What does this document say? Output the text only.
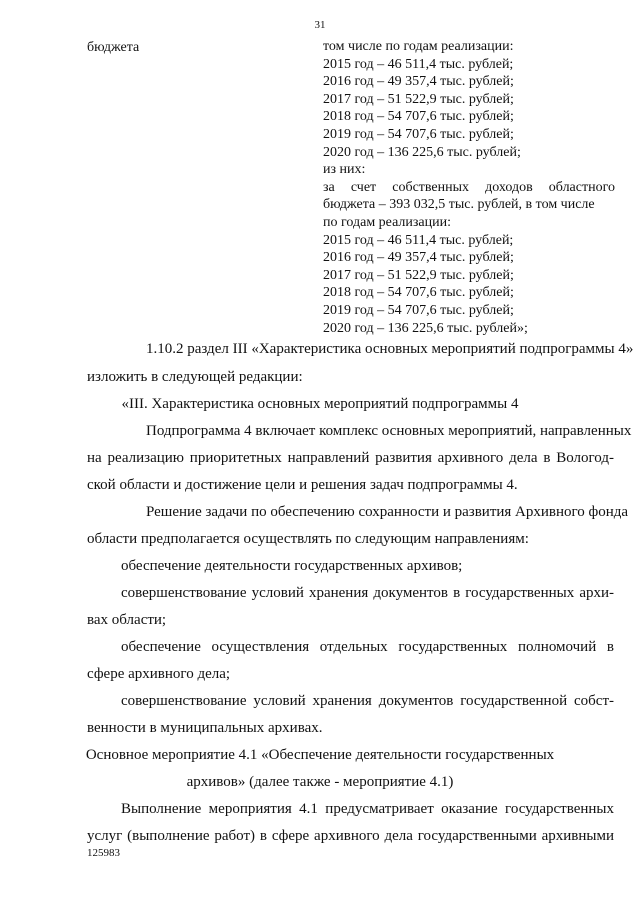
31
бюджета	том числе по годам реализации:
2015 год – 46 511,4 тыс. рублей;
2016 год – 49 357,4 тыс. рублей;
2017 год – 51 522,9 тыс. рублей;
2018 год – 54 707,6 тыс. рублей;
2019 год – 54 707,6 тыс. рублей;
2020 год – 136 225,6 тыс. рублей;
из них:
за счет собственных доходов областного
бюджета – 393 032,5 тыс. рублей, в том числе
по годам реализации:
2015 год – 46 511,4 тыс. рублей;
2016 год – 49 357,4 тыс. рублей;
2017 год – 51 522,9 тыс. рублей;
2018 год – 54 707,6 тыс. рублей;
2019 год – 54 707,6 тыс. рублей;
2020 год – 136 225,6 тыс. рублей»;
1.10.2 раздел III «Характеристика основных мероприятий подпрограммы 4»
изложить в следующей редакции:
«III. Характеристика основных мероприятий подпрограммы 4
Подпрограмма 4 включает комплекс основных мероприятий, направленных
на реализацию приоритетных направлений развития архивного дела в Вологод-
ской области и достижение цели и решения задач подпрограммы 4.
Решение задачи по обеспечению сохранности и развития Архивного фонда
области предполагается осуществлять по следующим направлениям:
обеспечение деятельности государственных архивов;
совершенствование условий хранения документов в государственных архи-
вах области;
обеспечение осуществления отдельных государственных полномочий в
сфере архивного дела;
совершенствование условий хранения документов государственной собст-
венности в муниципальных архивах.
Основное мероприятие 4.1 «Обеспечение деятельности государственных
архивов» (далее также - мероприятие 4.1)
Выполнение мероприятия 4.1 предусматривает оказание государственных
услуг (выполнение работ) в сфере архивного дела государственными архивными
125983
